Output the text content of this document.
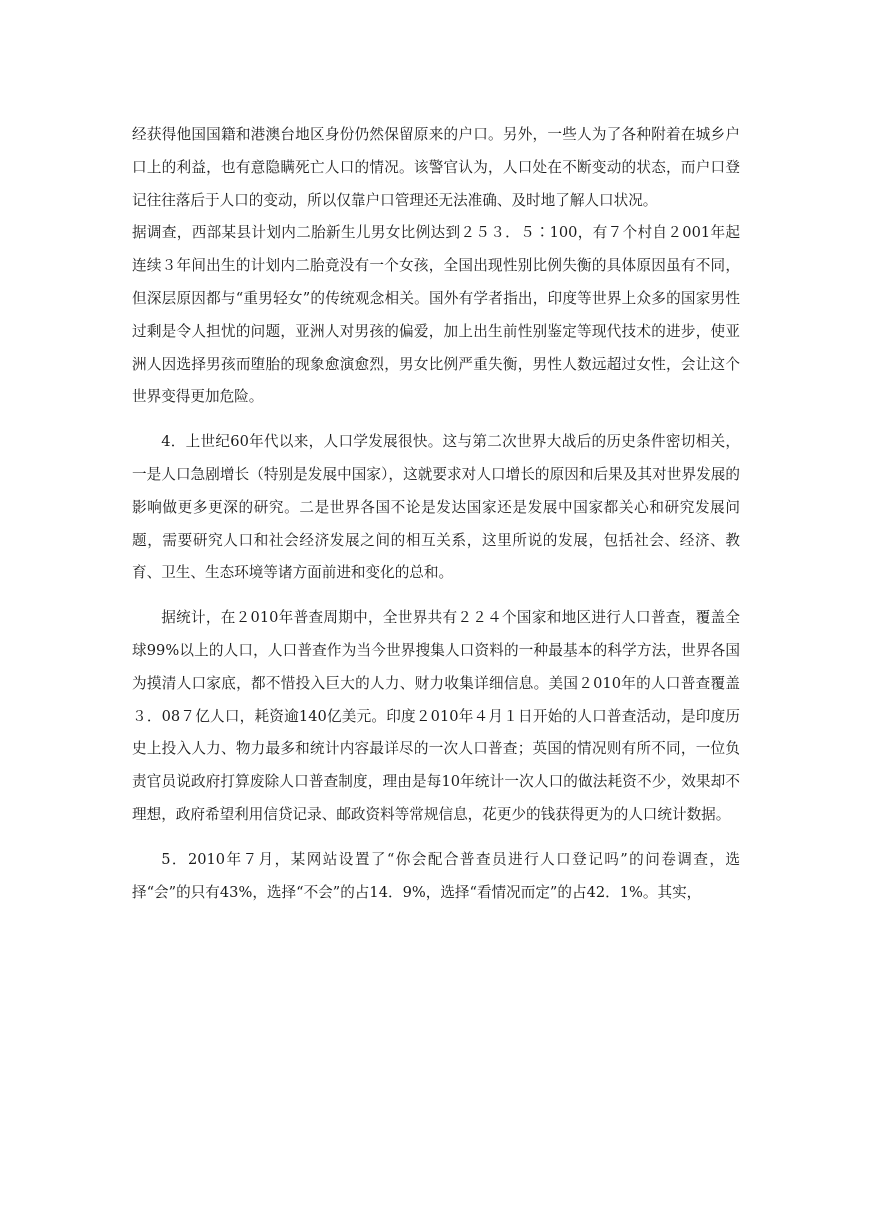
经获得他国国籍和港澳台地区身份仍然保留原来的户口。另外，一些人为了各种附着在城乡户口上的利益，也有意隐瞒死亡人口的情况。该警官认为，人口处在不断变动的状态，而户口登记往往落后于人口的变动，所以仅靠户口管理还无法准确、及时地了解人口状况。

据调查，西部某县计划内二胎新生儿男女比例达到２５３．５∶100，有７个村自２001年起连续３年间出生的计划内二胎竟没有一个女孩，全国出现性别比例失衡的具体原因虽有不同，但深层原因都与“重男轻女”的传统观念相关。国外有学者指出，印度等世界上众多的国家男性过剩是令人担忧的问题，亚洲人对男孩的偏爱，加上出生前性别鉴定等现代技术的进步，使亚洲人因选择男孩而堕胎的现象愈演愈烈，男女比例严重失衡，男性人数远超过女性，会让这个世界变得更加危险。

4．上世纪60年代以来，人口学发展很快。这与第二次世界大战后的历史条件密切相关，一是人口急剧增长（特别是发展中国家），这就要求对人口增长的原因和后果及其对世界发展的影响做更多更深的研究。二是世界各国不论是发达国家还是发展中国家都关心和研究发展问题，需要研究人口和社会经济发展之间的相互关系，这里所说的发展，包括社会、经济、教育、卫生、生态环境等诸方面前进和变化的总和。

据统计，在２010年普查周期中，全世界共有２２４个国家和地区进行人口普查，覆盖全球99%以上的人口，人口普查作为当今世界搜集人口资料的一种最基本的科学方法，世界各国为摸清人口家底，都不惜投入巨大的人力、财力收集详细信息。美国２010年的人口普查覆盖３．08７亿人口，耗资逾140亿美元。印度２010年４月１日开始的人口普查活动，是印度历史上投入人力、物力最多和统计内容最详尽的一次人口普查；英国的情况则有所不同，一位负责官员说政府打算废除人口普查制度，理由是每10年统计一次人口的做法耗资不少，效果却不理想，政府希望利用信贷记录、邮政资料等常规信息，花更少的钱获得更为的人口统计数据。

5．2010年７月，某网站设置了“你会配合普查员进行人口登记吗”的问卷调查，选择“会”的只有43%，选择“不会”的占14．9%，选择“看情况而定”的占42．1%。其实，
